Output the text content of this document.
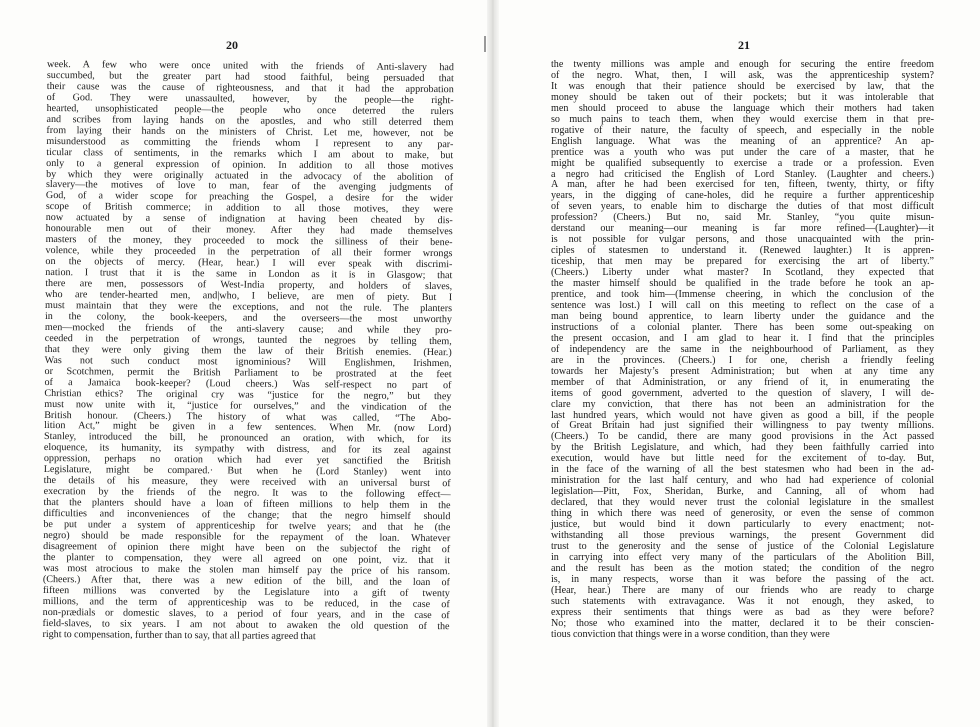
20
week. A few who were once united with the friends of Anti-slavery had
succumbed, but the greater part had stood faithful, being persuaded that
their cause was the cause of righteousness, and that it had the approbation
of God. They were unassaulted, however, by the people—the right-
hearted, unsophisticated people—the people who once deterred the rulers
and scribes from laying hands on the apostles, and who still deterred them
from laying their hands on the ministers of Christ. Let me, however, not be
misunderstood as committing the friends whom I represent to any par-
ticular class of sentiments, in the remarks which I am about to make, but
only to a general expression of opinion. In addition to all those motives
by which they were originally actuated in the advocacy of the abolition of
slavery—the motives of love to man, fear of the avenging judgments of
God, of a wider scope for preaching the Gospel, a desire for the wider
scope of British commerce; in addition to all those motives, they were
now actuated by a sense of indignation at having been cheated by dis-
honourable men out of their money. After they had made themselves
masters of the money, they proceeded to mock the silliness of their bene-
volence, while they proceeded in the perpetration of all their former wrongs
on the objects of mercy. (Hear, hear.) I will ever speak with discrimi-
nation. I trust that it is the same in London as it is in Glasgow; that
there are men, possessors of West-India property, and holders of slaves,
who are tender-hearted men, and|who, I believe, are men of piety. But I
must maintain that they were the exceptions, and not the rule. The planters
in the colony, the book-keepers, and the overseers—the most unworthy
men—mocked the friends of the anti-slavery cause; and while they pro-
ceeded in the perpetration of wrongs, taunted the negroes by telling them,
that they were only giving them the law of their British enemies. (Hear.)
Was not such conduct most ignominious? Will Englishmen, Irishmen,
or Scotchmen, permit the British Parliament to be prostrated at the feet
of a Jamaica book-keeper? (Loud cheers.) Was self-respect no part of
Christian ethics? The original cry was “justice for the negro,” but they
must now unite with it, “justice for ourselves,” and the vindication of the
British honour. (Cheers.) The history of what was called, “The Abo-
lition Act,” might be given in a few sentences. When Mr. (now Lord)
Stanley, introduced the bill, he pronounced an oration, with which, for its
eloquence, its humanity, its sympathy with distress, and for its zeal against
oppression, perhaps no oration which had ever yet sanctified the British
Legislature, might be compared.· But when he (Lord Stanley) went into
the details of his measure, they were received with an universal burst of
execration by the friends of the negro. It was to the following effect—
that the planters should have a loan of fifteen millions to help them in the
difficulties and inconveniences of the change; that the negro himself should
be put under a system of apprenticeship for twelve years; and that he (the
negro) should be made responsible for the repayment of the loan. Whatever
disagreement of opinion there might have been on the subjectof the right of
the planter to compensation, they were all agreed on one point, viz. that it
was most atrocious to make the stolen man himself pay the price of his ransom.
(Cheers.) After that, there was a new edition of the bill, and the loan of
fifteen millions was converted by the Legislature into a gift of twenty
millions, and the term of apprenticeship was to be reduced, in the case of
non-prædials or domestic slaves, to a period of four years, and in the case of
field-slaves, to six years. I am not about to awaken the old question of the
right to compensation, further than to say, that all parties agreed that
21
the twenty millions was ample and enough for securing the entire freedom
of the negro. What, then, I will ask, was the apprenticeship system?
It was enough that their patience should be exercised by law, that the
money should be taken out of their pockets; but it was intolerable that
men should proceed to abuse the language which their mothers had taken
so much pains to teach them, when they would exercise them in that pre-
rogative of their nature, the faculty of speech, and especially in the noble
English language. What was the meaning of an apprentice? An ap-
prentice was a youth who was put under the care of a master, that he
might be qualified subsequently to exercise a trade or a profession. Even
a negro had criticised the English of Lord Stanley. (Laughter and cheers.)
A man, after he had been exercised for ten, fifteen, twenty, thirty, or fifty
years, in the digging of cane-holes, did he require a further apprenticeship
of seven years, to enable him to discharge the duties of that most difficult
profession? (Cheers.) But no, said Mr. Stanley, “you quite misun-
derstand our meaning—our meaning is far more refined—(Laughter)—it
is not possible for vulgar persons, and those unacquainted with the prin-
ciples of statesmen to understand it. (Renewed laughter.) It is appren-
ticeship, that men may be prepared for exercising the art of liberty.”
(Cheers.) Liberty under what master? In Scotland, they expected that
the master himself should be qualified in the trade before he took an ap-
prentice, and took him—(Immense cheering, in which the conclusion of the
sentence was lost.) I will call on this meeting to reflect on the case of a
man being bound apprentice, to learn liberty under the guidance and the
instructions of a colonial planter. There has been some out-speaking on
the present occasion, and I am glad to hear it. I find that the principles
of independency are the same in the neighbourhood of Parliament, as they
are in the provinces. (Cheers.) I for one, cherish a friendly feeling
towards her Majesty’s present Administration; but when at any time any
member of that Administration, or any friend of it, in enumerating the
items of good government, adverted to the question of slavery, I will de-
clare my conviction, that there has not been an administration for the
last hundred years, which would not have given as good a bill, if the people
of Great Britain had just signified their willingness to pay twenty millions.
(Cheers.) To be candid, there are many good provisions in the Act passed
by the British Legislature, and which, had they been faithfully carried into
execution, would have but little need for the excitement of to-day. But,
in the face of the warning of all the best statesmen who had been in the ad-
ministration for the last half century, and who had had experience of colonial
legislation—Pitt, Fox, Sheridan, Burke, and Canning, all of whom had
declared, that they would never trust the colonial legislature in the smallest
thing in which there was need of generosity, or even the sense of common
justice, but would bind it down particularly to every enactment; not-
withstanding all those previous warnings, the present Government did
trust to the generosity and the sense of justice of the Colonial Legislature
in carrying into effect very many of the particulars of the Abolition Bill,
and the result has been as the motion stated; the condition of the negro
is, in many respects, worse than it was before the passing of the act.
(Hear, hear.) There are many of our friends who are ready to charge
such statements with extravagance. Was it not enough, they asked, to
express their sentiments that things were as bad as they were before?
No; those who examined into the matter, declared it to be their conscien-
tious conviction that things were in a worse condition, than they were
